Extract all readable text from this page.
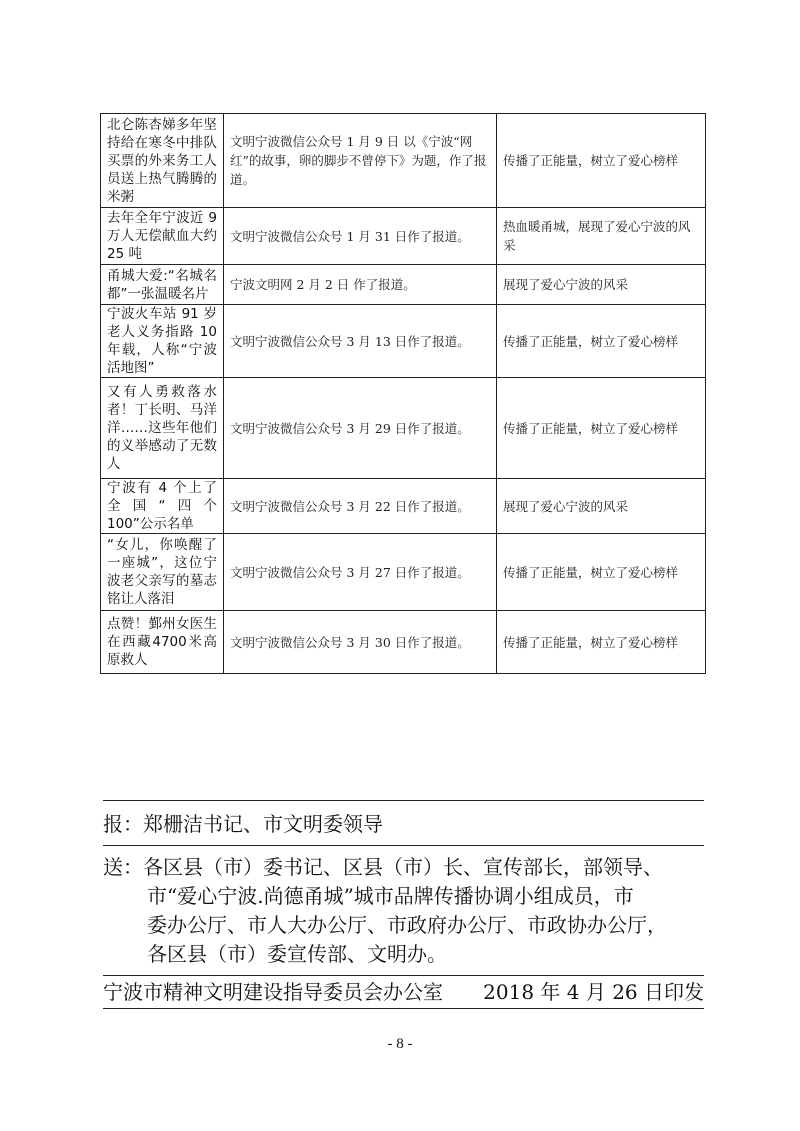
北仑陈杏娣多年坚持给在寒冬中排队买票的外来务工人员送上热气腾腾的米粥	文明宁波微信公众号 1 月 9 日 以《宁波“网红”的故事，卵的脚步不曾停下》为题，作了报道。	传播了正能量，树立了爱心榜样
去年全年宁波近 9 万人无偿献血大约 25 吨	文明宁波微信公众号 1 月 31 日作了报道。	热血暖甬城，展现了爱心宁波的风采
甬城大爱:“名城名都”一张温暖名片	宁波文明网 2 月 2 日 作了报道。	展现了爱心宁波的风采
宁波火车站 91 岁老人义务指路 10 年载，人称“宁波活地图”	文明宁波微信公众号 3 月 13 日作了报道。	传播了正能量，树立了爱心榜样
又有人勇救落水者！丁长明、马洋洋……这些年他们的义举感动了无数人	文明宁波微信公众号 3 月 29 日作了报道。	传播了正能量，树立了爱心榜样
宁波有 4 个上了全国“四个 100”公示名单	文明宁波微信公众号 3 月 22 日作了报道。	展现了爱心宁波的风采
“女儿，你唤醒了一座城”，这位宁波老父亲写的墓志铭让人落泪	文明宁波微信公众号 3 月 27 日作了报道。	传播了正能量，树立了爱心榜样
点赞！鄞州女医生在西藏4700米高原救人	文明宁波微信公众号 3 月 30 日作了报道。	传播了正能量，树立了爱心榜样
报：郑栅洁书记、市文明委领导
送：各区县（市）委书记、区县（市）长、宣传部长，部领导、
市“爱心宁波.尚德甬城”城市品牌传播协调小组成员，市
委办公厅、市人大办公厅、市政府办公厅、市政协办公厅，
各区县（市）委宣传部、文明办。
宁波市精神文明建设指导委员会办公室 2018 年 4 月 26 日印发
- 8 -
